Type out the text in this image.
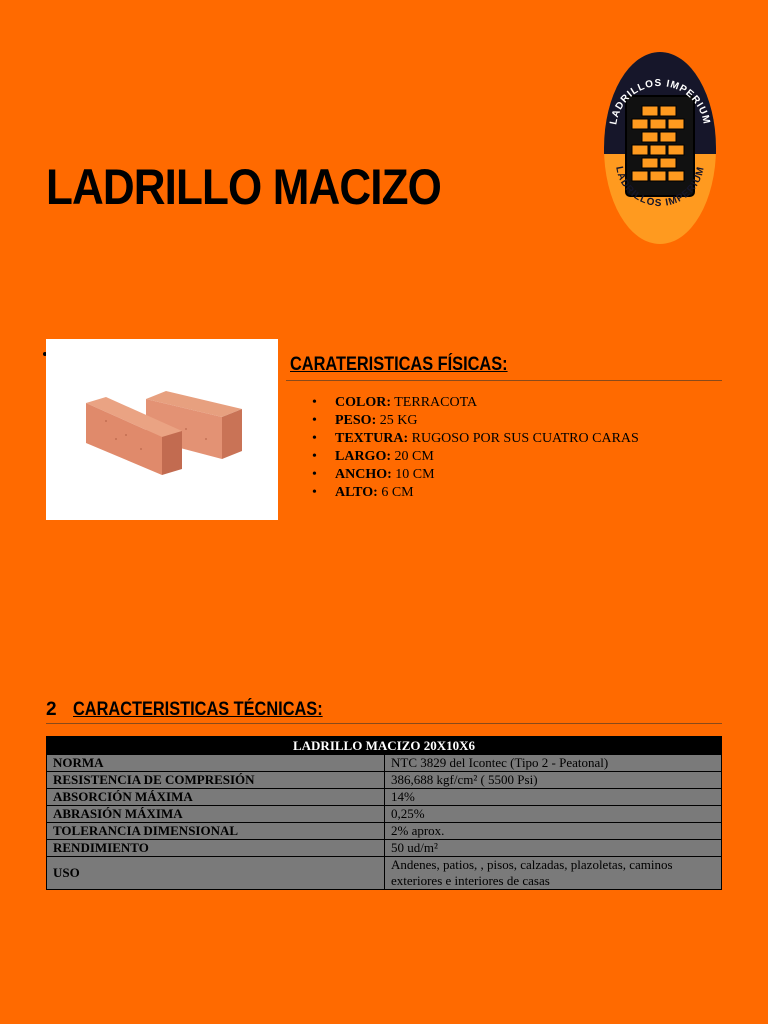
LADRILLO MACIZO
LADRILLOS IMPERIUM
LADRILLOS IMPERIUM
CARATERISTICAS FÍSICAS:
• COLOR: TERRACOTA
• PESO: 25 KG
• TEXTURA: RUGOSO POR SUS CUATRO CARAS
• LARGO: 20 CM
• ANCHO: 10 CM
• ALTO: 6 CM
2 CARACTERISTICAS TÉCNICAS:
LADRILLO MACIZO 20X10X6	
NORMA	NTC 3829 del Icontec (Tipo 2 - Peatonal)
RESISTENCIA DE COMPRESIÓN	386,688 kgf/cm² ( 5500 Psi)
ABSORCIÓN MÁXIMA	14%
ABRASIÓN MÁXIMA	0,25%
TOLERANCIA DIMENSIONAL	2% aprox.
RENDIMIENTO	50 ud/m²
USO	Andenes, patios, , pisos, calzadas, plazoletas, caminos exteriores e interiores de casas
